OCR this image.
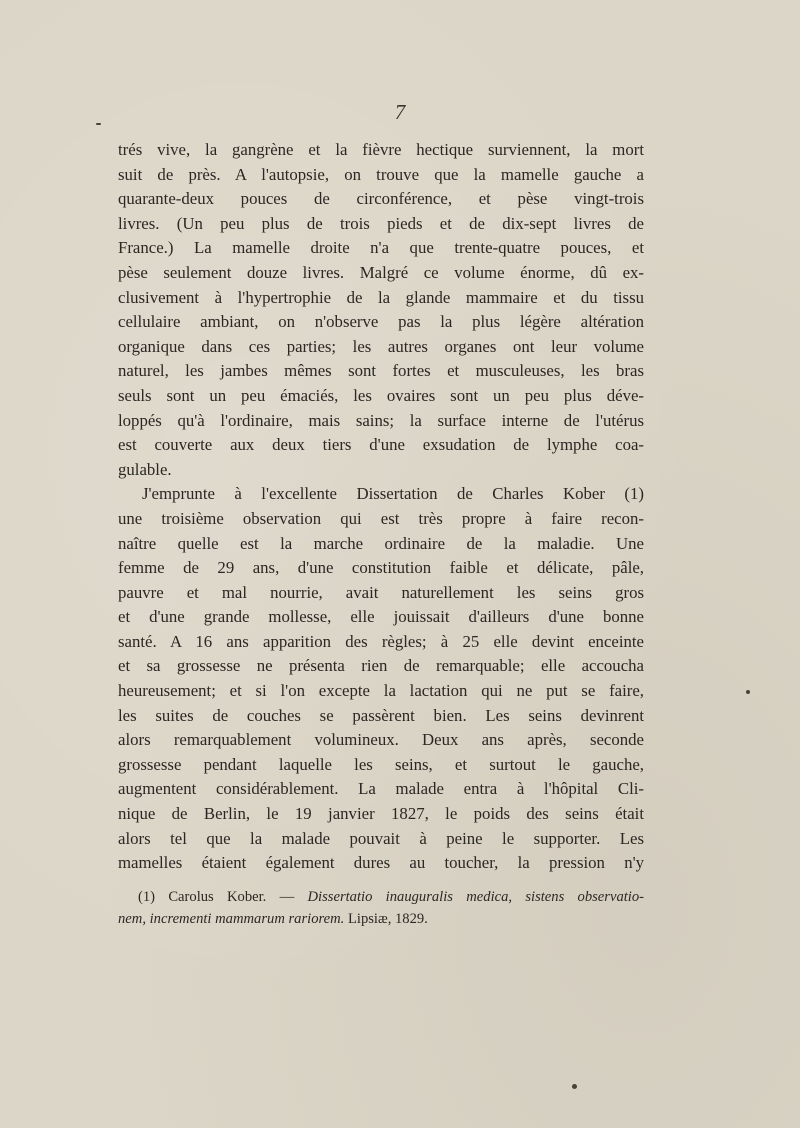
7
trés vive, la gangrène et la fièvre hectique surviennent, la mort
suit de près. A l'autopsie, on trouve que la mamelle gauche a
quarante-deux pouces de circonférence, et pèse vingt-trois
livres. (Un peu plus de trois pieds et de dix-sept livres de
France.) La mamelle droite n'a que trente-quatre pouces, et
pèse seulement douze livres. Malgré ce volume énorme, dû ex-
clusivement à l'hypertrophie de la glande mammaire et du tissu
cellulaire ambiant, on n'observe pas la plus légère altération
organique dans ces parties; les autres organes ont leur volume
naturel, les jambes mêmes sont fortes et musculeuses, les bras
seuls sont un peu émaciés, les ovaires sont un peu plus déve-
loppés qu'à l'ordinaire, mais sains; la surface interne de l'utérus
est couverte aux deux tiers d'une exsudation de lymphe coa-
gulable.
J'emprunte à l'excellente Dissertation de Charles Kober (1)
une troisième observation qui est très propre à faire recon-
naître quelle est la marche ordinaire de la maladie. Une
femme de 29 ans, d'une constitution faible et délicate, pâle,
pauvre et mal nourrie, avait naturellement les seins gros
et d'une grande mollesse, elle jouissait d'ailleurs d'une bonne
santé. A 16 ans apparition des règles; à 25 elle devint enceinte
et sa grossesse ne présenta rien de remarquable; elle accoucha
heureusement; et si l'on excepte la lactation qui ne put se faire,
les suites de couches se passèrent bien. Les seins devinrent
alors remarquablement volumineux. Deux ans après, seconde
grossesse pendant laquelle les seins, et surtout le gauche,
augmentent considérablement. La malade entra à l'hôpital Cli-
nique de Berlin, le 19 janvier 1827, le poids des seins était
alors tel que la malade pouvait à peine le supporter. Les
mamelles étaient également dures au toucher, la pression n'y
(1) Carolus Kober. — Dissertatio inauguralis medica, sistens observatio-
nem, incrementi mammarum rariorem. Lipsiæ, 1829.
